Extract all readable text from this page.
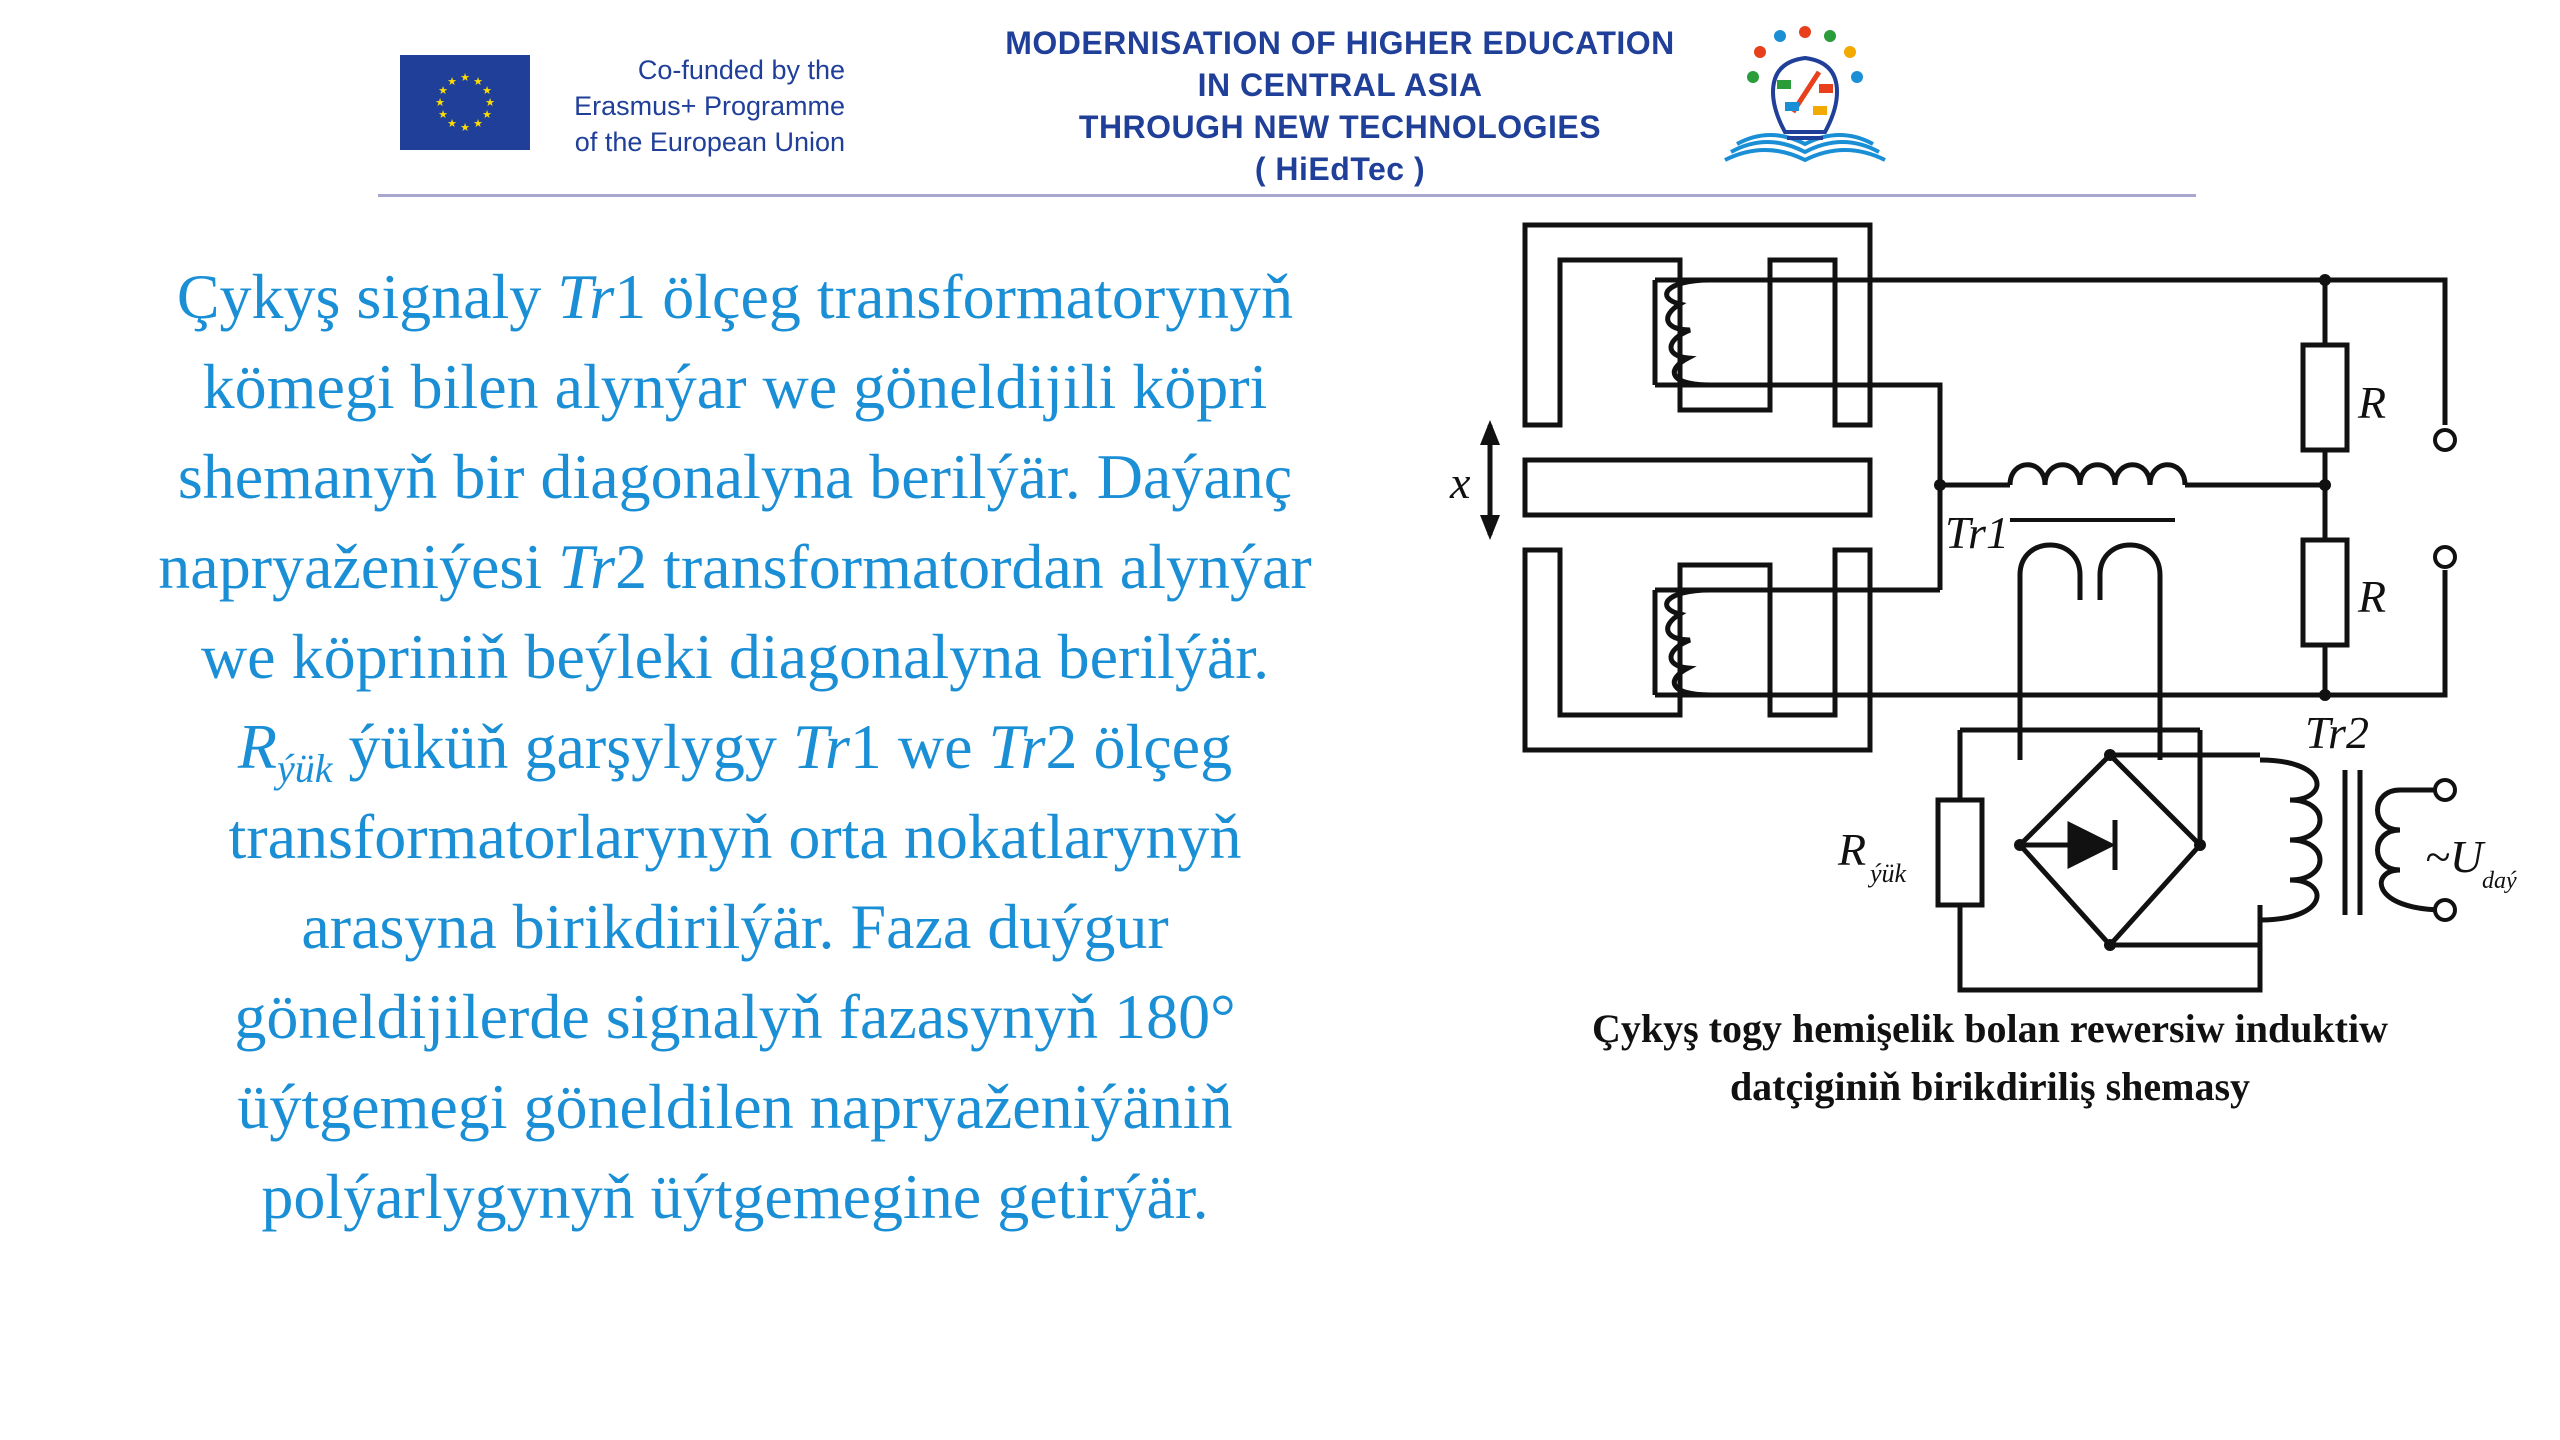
★ ★
★
★
★
★
★
★
★
★
★
★	Co-funded by the
Erasmus+ Programme
of the European Union
MODERNISATION OF HIGHER EDUCATION
IN CENTRAL ASIA
THROUGH NEW TECHNOLOGIES
( HiEdTec )
Çykyş signaly Tr1 ölçeg transformatorynyň
kömegi bilen alynýar we göneldijili köpri
shemanyň bir diagonalyna berilýär. Daýanç
napryaženiýesi Tr2 transformatordan alynýar
we köpriniň beýleki diagonalyna berilýär.
$R_{ýük}$ ýüküň garşylygy Tr1 we Tr2 ölçeg
transformatorlarynyň orta nokatlarynyň
arasyna birikdirilýär. Faza duýgur
göneldijilerde signalyň fazasynyň 180°
üýtgemegi göneldilen napryaženiýäniň
polýarlygynyň üýtgemegine getirýär.
x
R
R
Tr1
Tr2
R ýük	~U
daý
Çykyş togy hemişelik bolan rewersiw induktiw
datçiginiň birikdiriliş shemasy
